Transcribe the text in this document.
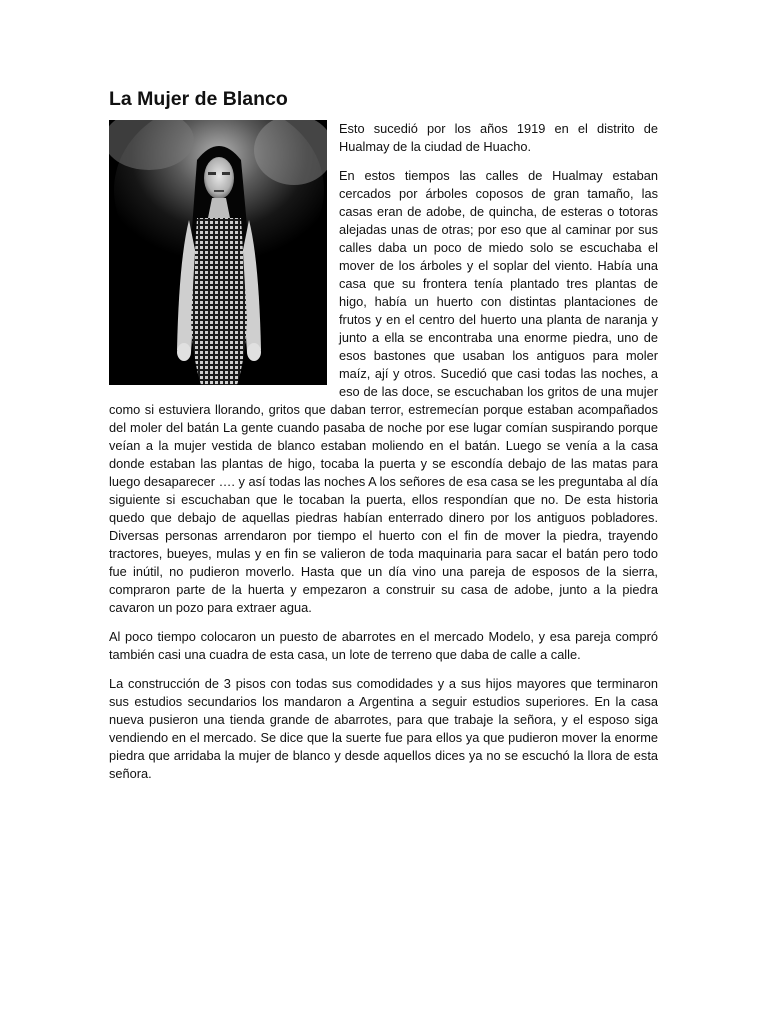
La Mujer de Blanco

Esto sucedió por los años 1919 en el distrito de Hualmay de la ciudad de Huacho.

En estos tiempos las calles de Hualmay estaban cercados por árboles coposos de gran tamaño, las casas eran de adobe, de quincha, de esteras o totoras alejadas unas de otras; por eso que al caminar por sus calles daba un poco de miedo solo se escuchaba el mover de los árboles y el soplar del viento. Había una casa que su frontera tenía plantado tres plantas de higo, había un huerto con distintas plantaciones de frutos y en el centro del huerto una planta de naranja y junto a ella se encontraba una enorme piedra, uno de esos bastones que usaban los antiguos para moler maíz, ají y otros. Sucedió que casi todas las noches, a eso de las doce, se escuchaban los gritos de una mujer como si estuviera llorando, gritos que daban terror, estremecían porque estaban acompañados del moler del batán La gente cuando pasaba de noche por ese lugar comían suspirando porque veían a la mujer vestida de blanco estaban moliendo en el batán. Luego se venía a la casa donde estaban las plantas de higo, tocaba la puerta y se escondía debajo de las matas para luego desaparecer …. y así todas las noches A los señores de esa casa se les preguntaba al día siguiente si escuchaban que le tocaban la puerta, ellos respondían que no. De esta historia quedo que debajo de aquellas piedras habían enterrado dinero por los antiguos pobladores. Diversas personas arrendaron por tiempo el huerto con el fin de mover la piedra, trayendo tractores, bueyes, mulas y en fin se valieron de toda maquinaria para sacar el batán pero todo fue inútil, no pudieron moverlo. Hasta que un día vino una pareja de esposos de la sierra, compraron parte de la huerta y empezaron a construir su casa de adobe, junto a la piedra cavaron un pozo para extraer agua.

Al poco tiempo colocaron un puesto de abarrotes en el mercado Modelo, y esa pareja compró también casi una cuadra de esta casa, un lote de terreno que daba de calle a calle.

La construcción de 3 pisos con todas sus comodidades y a sus hijos mayores que terminaron sus estudios secundarios los mandaron a Argentina a seguir estudios superiores. En la casa nueva pusieron una tienda grande de abarrotes, para que trabaje la señora, y el esposo siga vendiendo en el mercado. Se dice que la suerte fue para ellos ya que pudieron mover la enorme piedra que arridaba la mujer de blanco y desde aquellos dices ya no se escuchó la llora de esta señora.
